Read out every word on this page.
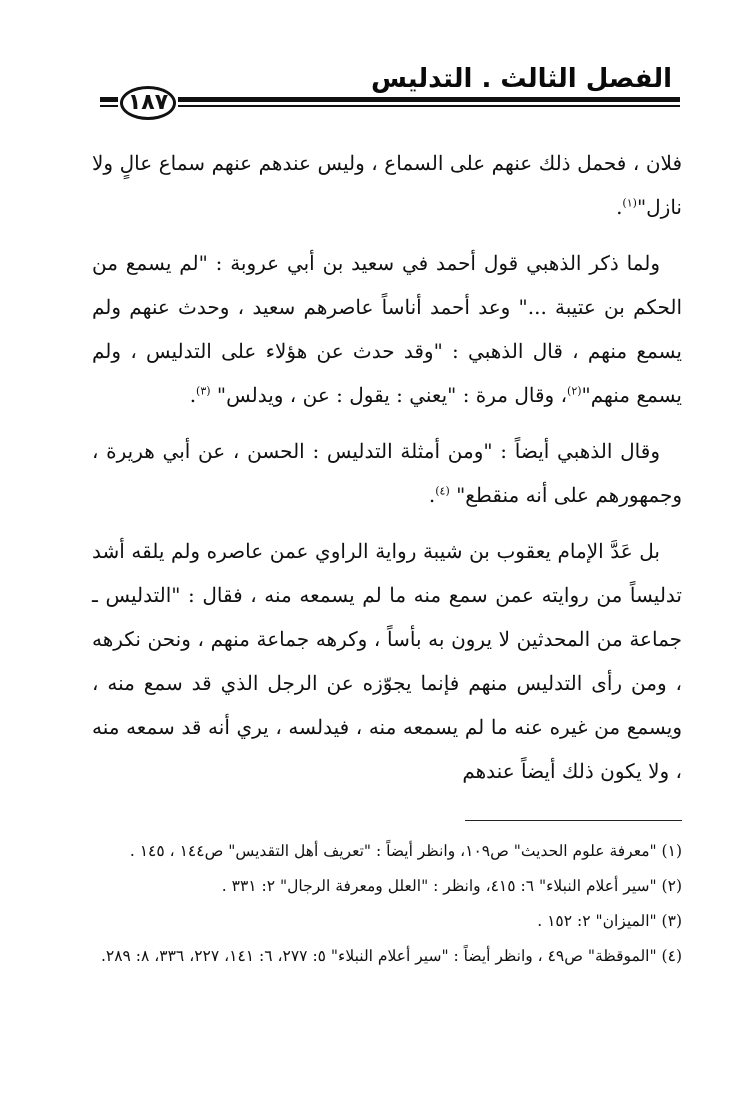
الفصل الثالث . التدليس
١٨٧

فلان ، فحمل ذلك عنهم على السماع ، وليس عندهم عنهم سماع عالٍ ولا نازل"$^{(١)}$.

ولما ذكر الذهبي قول أحمد في سعيد بن أبي عروبة : "لم يسمع من الحكم بن عتيبة ..." وعد أحمد أناساً عاصرهم سعيد ، وحدث عنهم ولم يسمع منهم ، قال الذهبي : "وقد حدث عن هؤلاء على التدليس ، ولم يسمع منهم"$^{(٢)}$، وقال مرة : "يعني : يقول : عن ، ويدلس" $^{(٣)}$.

وقال الذهبي أيضاً : "ومن أمثلة التدليس : الحسن ، عن أبي هريرة ، وجمهورهم على أنه منقطع" $^{(٤)}$.

بل عَدَّ الإمام يعقوب بن شيبة رواية الراوي عمن عاصره ولم يلقه أشد تدليساً من روايته عمن سمع منه ما لم يسمعه منه ، فقال : "التدليس ـ جماعة من المحدثين لا يرون به بأساً ، وكرهه جماعة منهم ، ونحن نكرهه ، ومن رأى التدليس منهم فإنما يجوّزه عن الرجل الذي قد سمع منه ، ويسمع من غيره عنه ما لم يسمعه منه ، فيدلسه ، يري أنه قد سمعه منه ، ولا يكون ذلك أيضاً عندهم

(١) "معرفة علوم الحديث" ص١٠٩، وانظر أيضاً : "تعريف أهل التقديس" ص١٤٤ ، ١٤٥ .

(٢) "سير أعلام النبلاء" ٦: ٤١٥، وانظر : "العلل ومعرفة الرجال" ٢: ٣٣١ .

(٣) "الميزان" ٢: ١٥٢ .

(٤) "الموقظة" ص٤٩ ، وانظر أيضاً : "سير أعلام النبلاء" ٥: ٢٧٧، ٦: ١٤١، ٢٢٧، ٣٣٦، ٨: ٢٨٩.
